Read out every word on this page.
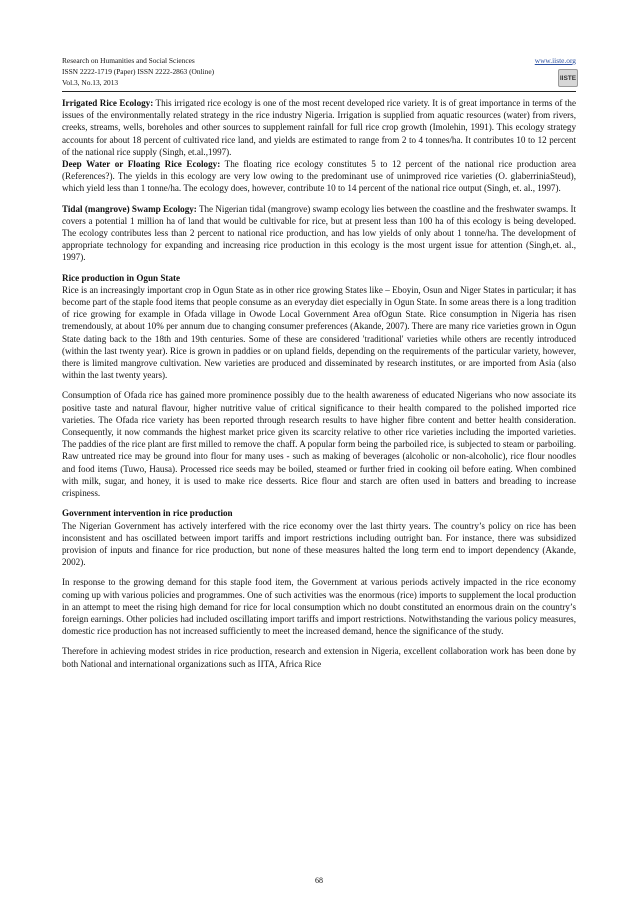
Research on Humanities and Social Sciences
ISSN 2222-1719 (Paper) ISSN 2222-2863 (Online)
Vol.3, No.13, 2013
www.iiste.org
IISTE

Irrigated Rice Ecology: This irrigated rice ecology is one of the most recent developed rice variety. It is of great importance in terms of the issues of the environmentally related strategy in the rice industry Nigeria. Irrigation is supplied from aquatic resources (water) from rivers, creeks, streams, wells, boreholes and other sources to supplement rainfall for full rice crop growth (Imolehin, 1991). This ecology strategy accounts for about 18 percent of cultivated rice land, and yields are estimated to range from 2 to 4 tonnes/ha. It contributes 10 to 12 percent of the national rice supply (Singh, et.al.,1997).

Deep Water or Floating Rice Ecology: The floating rice ecology constitutes 5 to 12 percent of the national rice production area (References?). The yields in this ecology are very low owing to the predominant use of unimproved rice varieties (O. glaberriniaSteud), which yield less than 1 tonne/ha. The ecology does, however, contribute 10 to 14 percent of the national rice output (Singh, et. al., 1997).

Tidal (mangrove) Swamp Ecology: The Nigerian tidal (mangrove) swamp ecology lies between the coastline and the freshwater swamps. It covers a potential 1 million ha of land that would be cultivable for rice, but at present less than 100 ha of this ecology is being developed. The ecology contributes less than 2 percent to national rice production, and has low yields of only about 1 tonne/ha. The development of appropriate technology for expanding and increasing rice production in this ecology is the most urgent issue for attention (Singh,et. al., 1997).

Rice production in Ogun State

Rice is an increasingly important crop in Ogun State as in other rice growing States like – Eboyin, Osun and Niger States in particular; it has become part of the staple food items that people consume as an everyday diet especially in Ogun State. In some areas there is a long tradition of rice growing for example in Ofada village in Owode Local Government Area ofOgun State. Rice consumption in Nigeria has risen tremendously, at about 10% per annum due to changing consumer preferences (Akande, 2007). There are many rice varieties grown in Ogun State dating back to the 18th and 19th centuries. Some of these are considered 'traditional' varieties while others are recently introduced (within the last twenty year). Rice is grown in paddies or on upland fields, depending on the requirements of the particular variety, however, there is limited mangrove cultivation. New varieties are produced and disseminated by research institutes, or are imported from Asia (also within the last twenty years).

Consumption of Ofada rice has gained more prominence possibly due to the health awareness of educated Nigerians who now associate its positive taste and natural flavour, higher nutritive value of critical significance to their health compared to the polished imported rice varieties. The Ofada rice variety has been reported through research results to have higher fibre content and better health consideration. Consequently, it now commands the highest market price given its scarcity relative to other rice varieties including the imported varieties. The paddies of the rice plant are first milled to remove the chaff. A popular form being the parboiled rice, is subjected to steam or parboiling. Raw untreated rice may be ground into flour for many uses - such as making of beverages (alcoholic or non-alcoholic), rice flour noodles and food items (Tuwo, Hausa). Processed rice seeds may be boiled, steamed or further fried in cooking oil before eating. When combined with milk, sugar, and honey, it is used to make rice desserts. Rice flour and starch are often used in batters and breading to increase crispiness.

Government intervention in rice production

The Nigerian Government has actively interfered with the rice economy over the last thirty years. The country’s policy on rice has been inconsistent and has oscillated between import tariffs and import restrictions including outright ban. For instance, there was subsidized provision of inputs and finance for rice production, but none of these measures halted the long term end to import dependency (Akande, 2002).

In response to the growing demand for this staple food item, the Government at various periods actively impacted in the rice economy coming up with various policies and programmes. One of such activities was the enormous (rice) imports to supplement the local production in an attempt to meet the rising high demand for rice for local consumption which no doubt constituted an enormous drain on the country’s foreign earnings. Other policies had included oscillating import tariffs and import restrictions. Notwithstanding the various policy measures, domestic rice production has not increased sufficiently to meet the increased demand, hence the significance of the study.

Therefore in achieving modest strides in rice production, research and extension in Nigeria, excellent collaboration work has been done by both National and international organizations such as IITA, Africa Rice

68
